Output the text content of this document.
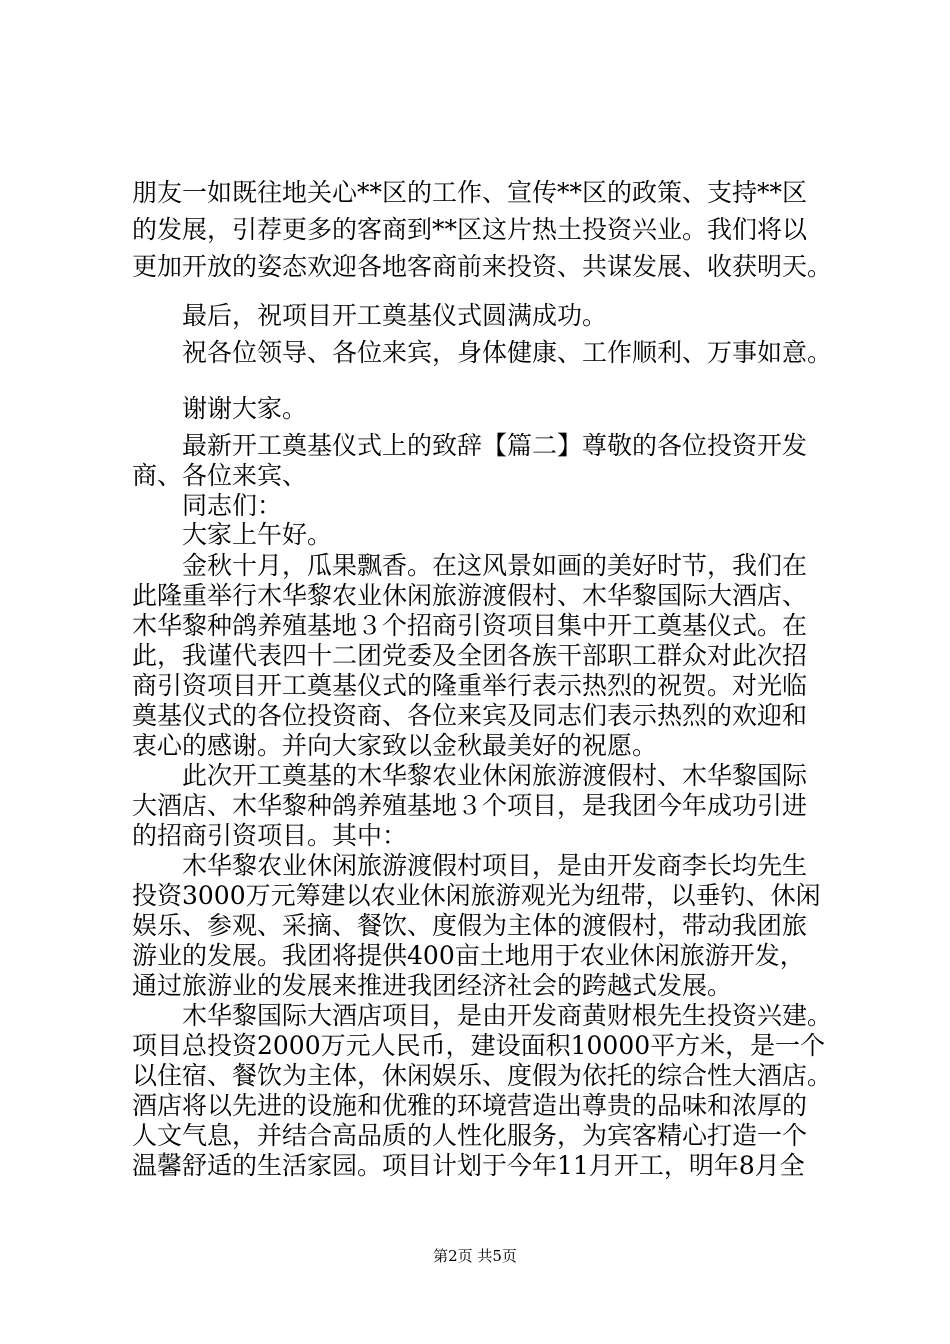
朋友一如既往地关心**区的工作、宣传**区的政策、支持**区
的发展，引荐更多的客商到**区这片热土投资兴业。我们将以
更加开放的姿态欢迎各地客商前来投资、共谋发展、收获明天。
最后，祝项目开工奠基仪式圆满成功。
祝各位领导、各位来宾，身体健康、工作顺利、万事如意。
谢谢大家。
最新开工奠基仪式上的致辞【篇二】尊敬的各位投资开发
商、各位来宾、
同志们：
大家上午好。
金秋十月，瓜果飘香。在这风景如画的美好时节，我们在
此隆重举行木华黎农业休闲旅游渡假村、木华黎国际大酒店、
木华黎种鸽养殖基地３个招商引资项目集中开工奠基仪式。在
此，我谨代表四十二团党委及全团各族干部职工群众对此次招
商引资项目开工奠基仪式的隆重举行表示热烈的祝贺。对光临
奠基仪式的各位投资商、各位来宾及同志们表示热烈的欢迎和
衷心的感谢。并向大家致以金秋最美好的祝愿。
此次开工奠基的木华黎农业休闲旅游渡假村、木华黎国际
大酒店、木华黎种鸽养殖基地３个项目，是我团今年成功引进
的招商引资项目。其中：
木华黎农业休闲旅游渡假村项目，是由开发商李长均先生
投资3000万元筹建以农业休闲旅游观光为纽带，以垂钓、休闲
娱乐、参观、采摘、餐饮、度假为主体的渡假村，带动我团旅
游业的发展。我团将提供400亩土地用于农业休闲旅游开发，
通过旅游业的发展来推进我团经济社会的跨越式发展。
木华黎国际大酒店项目，是由开发商黄财根先生投资兴建。
项目总投资2000万元人民币，建设面积10000平方米，是一个
以住宿、餐饮为主体，休闲娱乐、度假为依托的综合性大酒店。
酒店将以先进的设施和优雅的环境营造出尊贵的品味和浓厚的
人文气息，并结合高品质的人性化服务，为宾客精心打造一个
温馨舒适的生活家园。项目计划于今年11月开工，明年8月全
第2页 共5页
